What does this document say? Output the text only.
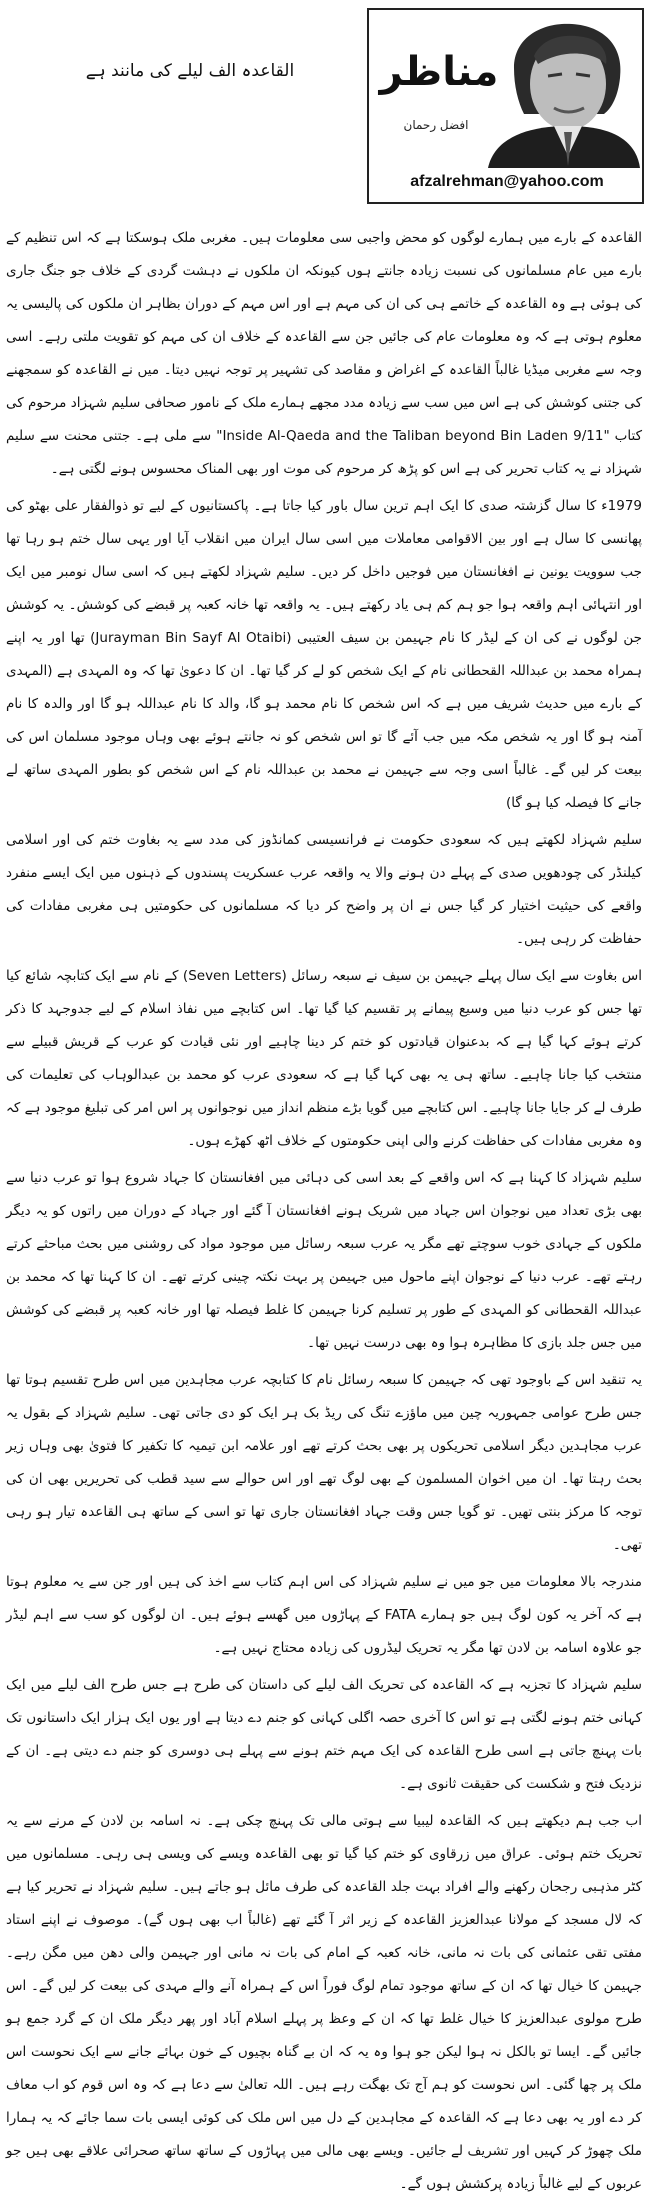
القاعدہ الف لیلے کی مانند ہے	مناظر
افضل رحمان
afzalrehman@yahoo.com

القاعدہ کے بارے میں ہمارے لوگوں کو محض واجبی سی معلومات ہیں۔ مغربی ملک ہوسکتا ہے کہ اس تنظیم کے بارے میں عام مسلمانوں کی نسبت زیادہ جانتے ہوں کیونکہ ان ملکوں نے دہشت گردی کے خلاف جو جنگ جاری کی ہوئی ہے وہ القاعدہ کے خاتمے ہی کی ان کی مہم ہے اور اس مہم کے دوران بظاہر ان ملکوں کی پالیسی یہ معلوم ہوتی ہے کہ وہ معلومات عام کی جائیں جن سے القاعدہ کے خلاف ان کی مہم کو تقویت ملتی رہے۔ اسی وجہ سے مغربی میڈیا غالباً القاعدہ کے اغراض و مقاصد کی تشہیر پر توجہ نہیں دیتا۔ میں نے القاعدہ کو سمجھنے کی جتنی کوشش کی ہے اس میں سب سے زیادہ مدد مجھے ہمارے ملک کے نامور صحافی سلیم شہزاد مرحوم کی کتاب "Inside Al-Qaeda and the Taliban beyond Bin Laden 9/11" سے ملی ہے۔ جتنی محنت سے سلیم شہزاد نے یہ کتاب تحریر کی ہے اس کو پڑھ کر مرحوم کی موت اور بھی المناک محسوس ہونے لگتی ہے۔

1979ء کا سال گزشتہ صدی کا ایک اہم ترین سال باور کیا جاتا ہے۔ پاکستانیوں کے لیے تو ذوالفقار علی بھٹو کی پھانسی کا سال ہے اور بین الاقوامی معاملات میں اسی سال ایران میں انقلاب آیا اور یہی سال ختم ہو رہا تھا جب سوویت یونین نے افغانستان میں فوجیں داخل کر دیں۔ سلیم شہزاد لکھتے ہیں کہ اسی سال نومبر میں ایک اور انتہائی اہم واقعہ ہوا جو ہم کم ہی یاد رکھتے ہیں۔ یہ واقعہ تھا خانہ کعبہ پر قبضے کی کوشش۔ یہ کوشش جن لوگوں نے کی ان کے لیڈر کا نام جہیمن بن سیف العتیبی (Jurayman Bin Sayf Al Otaibi) تھا اور یہ اپنے ہمراہ محمد بن عبداللہ القحطانی نام کے ایک شخص کو لے کر گیا تھا۔ ان کا دعویٰ تھا کہ وہ المہدی ہے (المہدی کے بارے میں حدیث شریف میں ہے کہ اس شخص کا نام محمد ہو گا، والد کا نام عبداللہ ہو گا اور والدہ کا نام آمنہ ہو گا اور یہ شخص مکہ میں جب آئے گا تو اس شخص کو نہ جانتے ہوئے بھی وہاں موجود مسلمان اس کی بیعت کر لیں گے۔ غالباً اسی وجہ سے جہیمن نے محمد بن عبداللہ نام کے اس شخص کو بطور المہدی ساتھ لے جانے کا فیصلہ کیا ہو گا)

سلیم شہزاد لکھتے ہیں کہ سعودی حکومت نے فرانسیسی کمانڈوز کی مدد سے یہ بغاوت ختم کی اور اسلامی کیلنڈر کی چودھویں صدی کے پہلے دن ہونے والا یہ واقعہ عرب عسکریت پسندوں کے ذہنوں میں ایک ایسے منفرد واقعے کی حیثیت اختیار کر گیا جس نے ان پر واضح کر دیا کہ مسلمانوں کی حکومتیں ہی مغربی مفادات کی حفاظت کر رہی ہیں۔

اس بغاوت سے ایک سال پہلے جہیمن بن سیف نے سبعہ رسائل (Seven Letters) کے نام سے ایک کتابچہ شائع کیا تھا جس کو عرب دنیا میں وسیع پیمانے پر تقسیم کیا گیا تھا۔ اس کتابچے میں نفاذ اسلام کے لیے جدوجہد کا ذکر کرتے ہوئے کہا گیا ہے کہ بدعنوان قیادتوں کو ختم کر دینا چاہیے اور نئی قیادت کو عرب کے قریش قبیلے سے منتخب کیا جانا چاہیے۔ ساتھ ہی یہ بھی کہا گیا ہے کہ سعودی عرب کو محمد بن عبدالوہاب کی تعلیمات کی طرف لے کر جایا جانا چاہیے۔ اس کتابچے میں گویا بڑے منظم انداز میں نوجوانوں پر اس امر کی تبلیغ موجود ہے کہ وہ مغربی مفادات کی حفاظت کرنے والی اپنی حکومتوں کے خلاف اٹھ کھڑے ہوں۔

سلیم شہزاد کا کہنا ہے کہ اس واقعے کے بعد اسی کی دہائی میں افغانستان کا جہاد شروع ہوا تو عرب دنیا سے بھی بڑی تعداد میں نوجوان اس جہاد میں شریک ہونے افغانستان آ گئے اور جہاد کے دوران میں راتوں کو یہ دیگر ملکوں کے جہادی خوب سوچتے تھے مگر یہ عرب سبعہ رسائل میں موجود مواد کی روشنی میں بحث مباحثے کرتے رہتے تھے۔ عرب دنیا کے نوجوان اپنے ماحول میں جہیمن پر بہت نکتہ چینی کرتے تھے۔ ان کا کہنا تھا کہ محمد بن عبداللہ القحطانی کو المہدی کے طور پر تسلیم کرنا جہیمن کا غلط فیصلہ تھا اور خانہ کعبہ پر قبضے کی کوشش میں جس جلد بازی کا مظاہرہ ہوا وہ بھی درست نہیں تھا۔

یہ تنقید اس کے باوجود تھی کہ جہیمن کا سبعہ رسائل نام کا کتابچہ عرب مجاہدین میں اس طرح تقسیم ہوتا تھا جس طرح عوامی جمہوریہ چین میں ماؤزے تنگ کی ریڈ بک ہر ایک کو دی جاتی تھی۔ سلیم شہزاد کے بقول یہ عرب مجاہدین دیگر اسلامی تحریکوں پر بھی بحث کرتے تھے اور علامہ ابن تیمیہ کا تکفیر کا فتویٰ بھی وہاں زیر بحث رہتا تھا۔ ان میں اخوان المسلمون کے بھی لوگ تھے اور اس حوالے سے سید قطب کی تحریریں بھی ان کی توجہ کا مرکز بنتی تھیں۔ تو گویا جس وقت جہاد افغانستان جاری تھا تو اسی کے ساتھ ہی القاعدہ تیار ہو رہی تھی۔

مندرجہ بالا معلومات میں جو میں نے سلیم شہزاد کی اس اہم کتاب سے اخذ کی ہیں اور جن سے یہ معلوم ہوتا ہے کہ آخر یہ کون لوگ ہیں جو ہمارے FATA کے پہاڑوں میں گھسے ہوئے ہیں۔ ان لوگوں کو سب سے اہم لیڈر جو علاوہ اسامہ بن لادن تھا مگر یہ تحریک لیڈروں کی زیادہ محتاج نہیں ہے۔

سلیم شہزاد کا تجزیہ ہے کہ القاعدہ کی تحریک الف لیلے کی داستان کی طرح ہے جس طرح الف لیلے میں ایک کہانی ختم ہونے لگتی ہے تو اس کا آخری حصہ اگلی کہانی کو جنم دے دیتا ہے اور یوں ایک ہزار ایک داستانوں تک بات پہنچ جاتی ہے اسی طرح القاعدہ کی ایک مہم ختم ہونے سے پہلے ہی دوسری کو جنم دے دیتی ہے۔ ان کے نزدیک فتح و شکست کی حقیقت ثانوی ہے۔

اب جب ہم دیکھتے ہیں کہ القاعدہ لیبیا سے ہوتی مالی تک پہنچ چکی ہے۔ نہ اسامہ بن لادن کے مرنے سے یہ تحریک ختم ہوئی۔ عراق میں زرقاوی کو ختم کیا گیا تو بھی القاعدہ ویسے کی ویسی ہی رہی۔ مسلمانوں میں کٹر مذہبی رجحان رکھنے والے افراد بہت جلد القاعدہ کی طرف مائل ہو جاتے ہیں۔ سلیم شہزاد نے تحریر کیا ہے کہ لال مسجد کے مولانا عبدالعزیز القاعدہ کے زیر اثر آ گئے تھے (غالباً اب بھی ہوں گے)۔ موصوف نے اپنے استاد مفتی تقی عثمانی کی بات نہ مانی، خانہ کعبہ کے امام کی بات نہ مانی اور جہیمن والی دھن میں مگن رہے۔ جہیمن کا خیال تھا کہ ان کے ساتھ موجود تمام لوگ فوراً اس کے ہمراہ آنے والے مہدی کی بیعت کر لیں گے۔ اس طرح مولوی عبدالعزیز کا خیال غلط تھا کہ ان کے وعظ پر پہلے اسلام آباد اور پھر دیگر ملک ان کے گرد جمع ہو جائیں گے۔ ایسا تو بالکل نہ ہوا لیکن جو ہوا وہ یہ کہ ان بے گناہ بچیوں کے خون بہائے جانے سے ایک نحوست اس ملک پر چھا گئی۔ اس نحوست کو ہم آج تک بھگت رہے ہیں۔ اللہ تعالیٰ سے دعا ہے کہ وہ اس قوم کو اب معاف کر دے اور یہ بھی دعا ہے کہ القاعدہ کے مجاہدین کے دل میں اس ملک کی کوئی ایسی بات سما جائے کہ یہ ہمارا ملک چھوڑ کر کہیں اور تشریف لے جائیں۔ ویسے بھی مالی میں پہاڑوں کے ساتھ ساتھ صحرائی علاقے بھی ہیں جو عربوں کے لیے غالباً زیادہ پرکشش ہوں گے۔
